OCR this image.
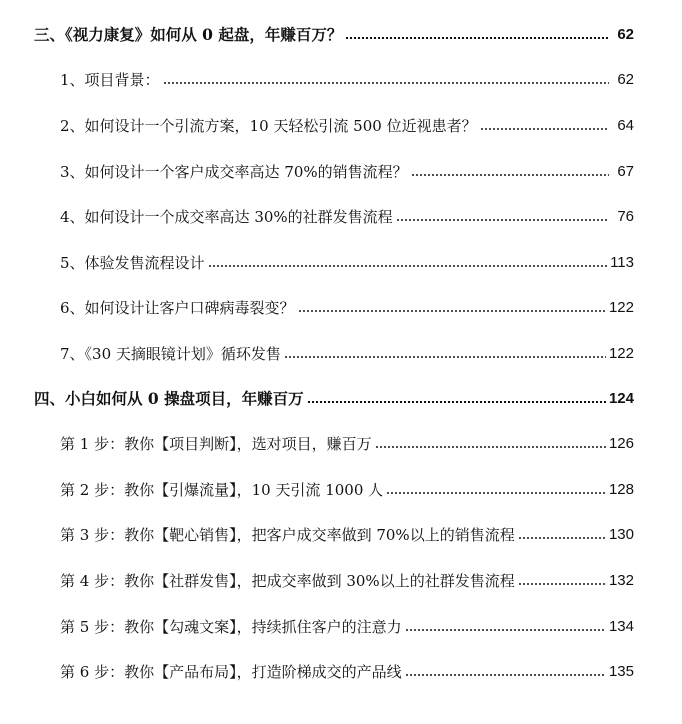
三、《视力康复》如何从 0 起盘，年赚百万？	62
1、项目背景：	62
2、如何设计一个引流方案，10 天轻松引流 500 位近视患者？	64
3、如何设计一个客户成交率高达 70%的销售流程？	67
4、如何设计一个成交率高达 30%的社群发售流程	76
5、体验发售流程设计	113
6、如何设计让客户口碑病毒裂变？	122
7、《30 天摘眼镜计划》循环发售	122
四、小白如何从 0 操盘项目，年赚百万	124
第 1 步：教你【项目判断】，选对项目，赚百万	126
第 2 步：教你【引爆流量】，10 天引流 1000 人	128
第 3 步：教你【靶心销售】，把客户成交率做到 70%以上的销售流程	130
第 4 步：教你【社群发售】，把成交率做到 30%以上的社群发售流程	132
第 5 步：教你【勾魂文案】，持续抓住客户的注意力	134
第 6 步：教你【产品布局】，打造阶梯成交的产品线	135
